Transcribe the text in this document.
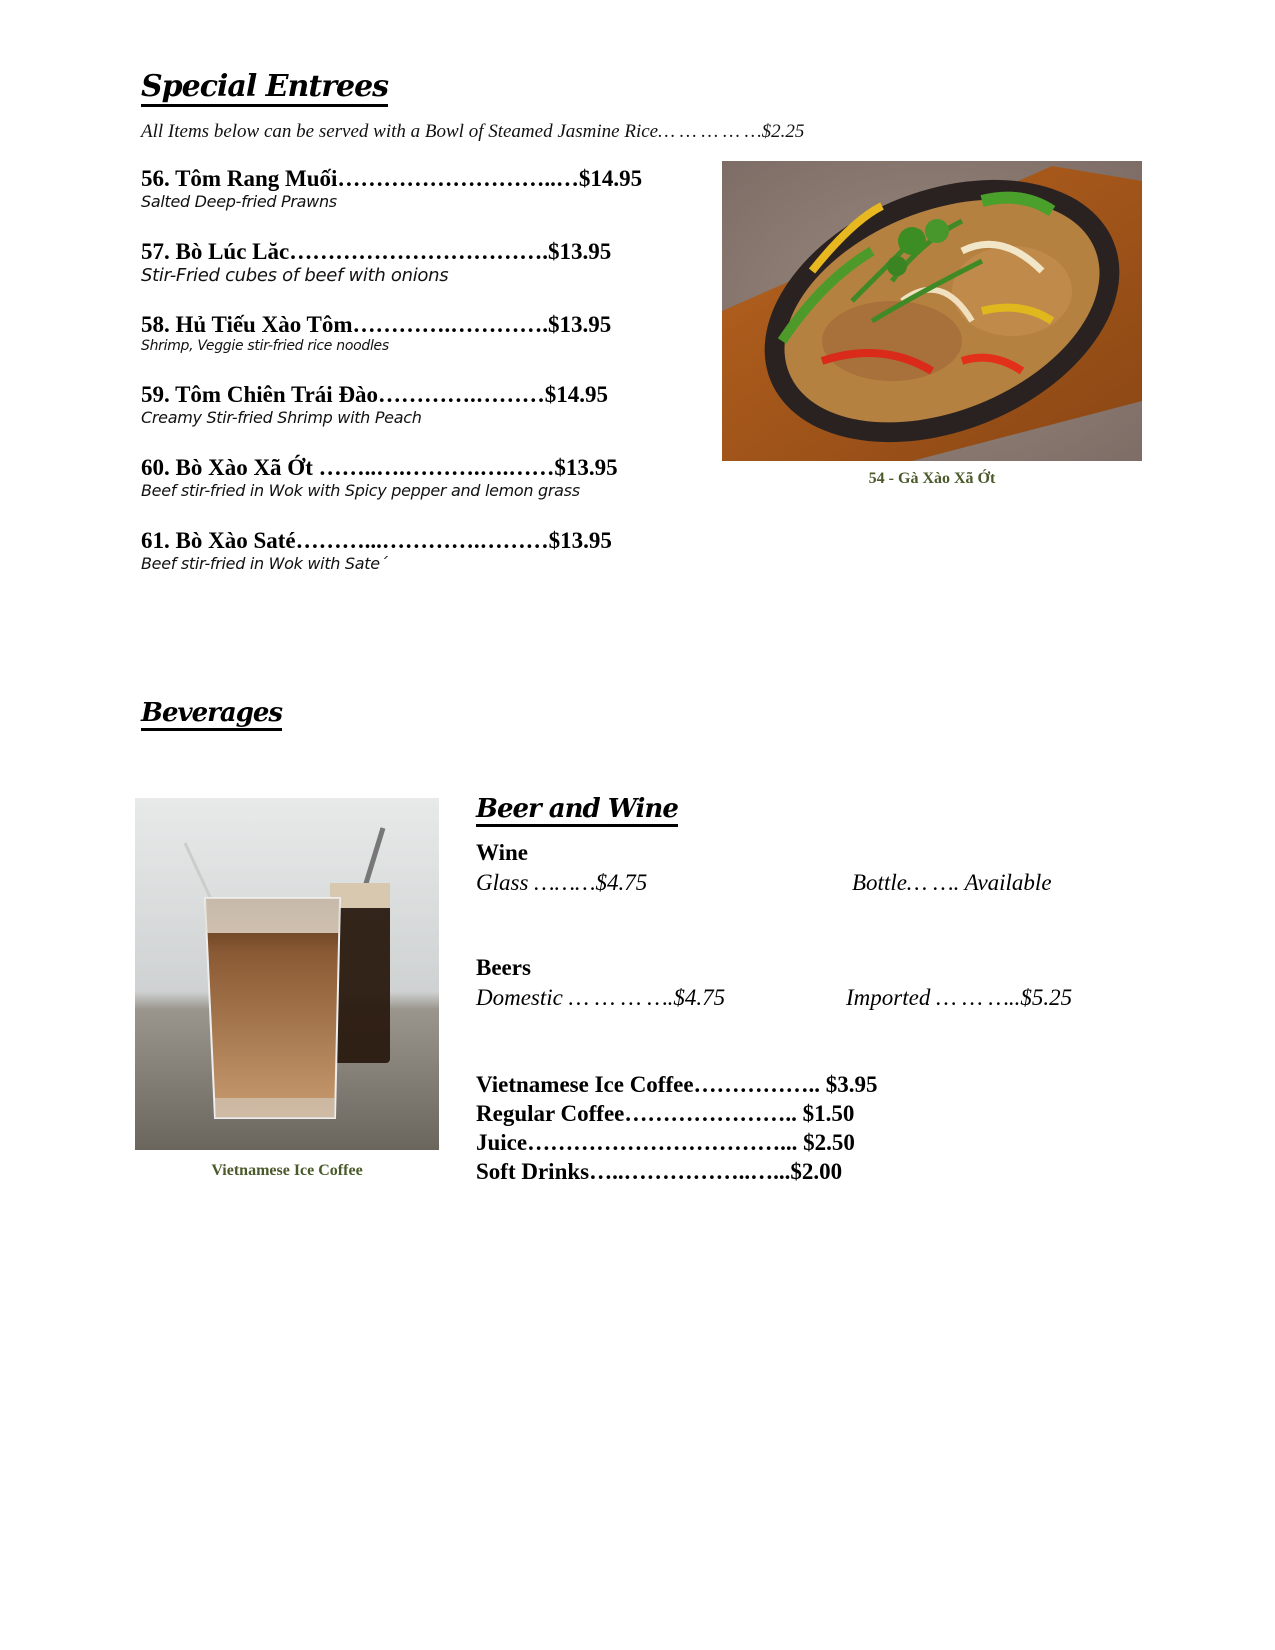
Special Entrees
All Items below can be served with a Bowl of Steamed Jasmine Rice… … … … …$2.25
56. Tôm Rang Muối………………………..…$14.95
Salted Deep-fried Prawns
57. Bò Lúc Lăc…………………………….$13.95
Stir-Fried cubes of beef with onions
58. Hủ Tiếu Xào Tôm………….………….$13.95
Shrimp, Veggie stir-fried rice noodles
59. Tôm Chiên Trái Đào………….………$14.95
Creamy Stir-fried Shrimp with Peach
60. Bò Xào Xã Ớt ……..….……….….……$13.95
Beef stir-fried in Wok with Spicy pepper and lemon grass
61. Bò Xào Saté………...………….………$13.95
Beef stir-fried in Wok with Sate´
54 - Gà Xào Xã Ớt
Beverages
Vietnamese Ice Coffee
Beer and Wine
Wine
Glass ………$4.75	Bottle… …. Available
Beers
Domestic … … … ….$4.75	Imported … … …..$5.25
Vietnamese Ice Coffee…………….. $3.95
Regular Coffee………………….. $1.50
Juice……………………………... $2.50
Soft Drinks…..……………..…...$2.00
